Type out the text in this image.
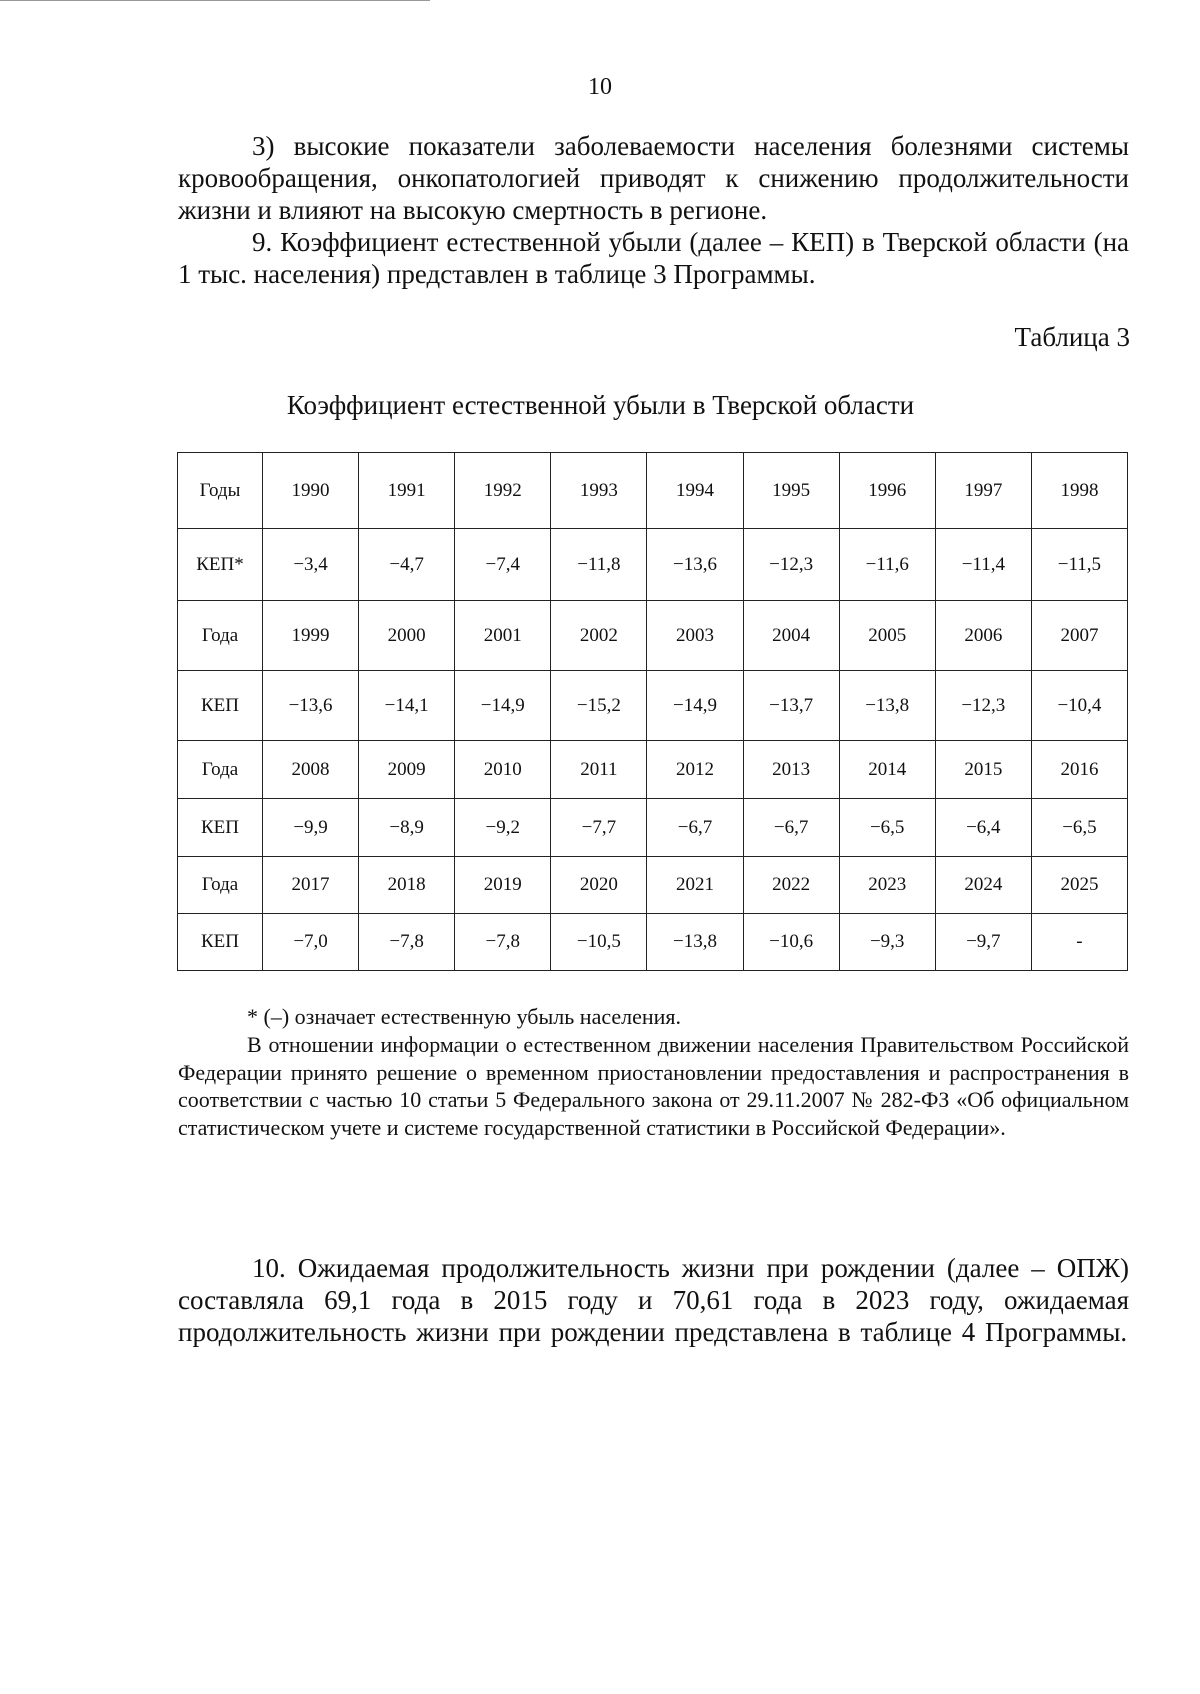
10

3) высокие показатели заболеваемости населения болезнями системы кровообращения, онкопатологией приводят к снижению продолжительности жизни и влияют на высокую смертность в регионе.

9. Коэффициент естественной убыли (далее – КЕП) в Тверской области (на 1 тыс. населения) представлен в таблице 3 Программы.

Таблица 3
Коэффициент естественной убыли в Тверской области
Годы	1990	1991	1992	1993	1994	1995	1996	1997	1998
КЕП*	−3,4	−4,7	−7,4	−11,8	−13,6	−12,3	−11,6	−11,4	−11,5
Года	1999	2000	2001	2002	2003	2004	2005	2006	2007
КЕП	−13,6	−14,1	−14,9	−15,2	−14,9	−13,7	−13,8	−12,3	−10,4
Года	2008	2009	2010	2011	2012	2013	2014	2015	2016
КЕП	−9,9	−8,9	−9,2	−7,7	−6,7	−6,7	−6,5	−6,4	−6,5
Года	2017	2018	2019	2020	2021	2022	2023	2024	2025
КЕП	−7,0	−7,8	−7,8	−10,5	−13,8	−10,6	−9,3	−9,7	-

* (–) означает естественную убыль населения.

В отношении информации о естественном движении населения Правительством Российской Федерации принято решение о временном приостановлении предоставления и распространения в соответствии с частью 10 статьи 5 Федерального закона от 29.11.2007 № 282-ФЗ «Об официальном статистическом учете и системе государственной статистики в Российской Федерации».

10. Ожидаемая продолжительность жизни при рождении (далее – ОПЖ) составляла 69,1 года в 2015 году и 70,61 года в 2023 году, ожидаемая продолжительность жизни при рождении представлена в таблице 4 Программы.
